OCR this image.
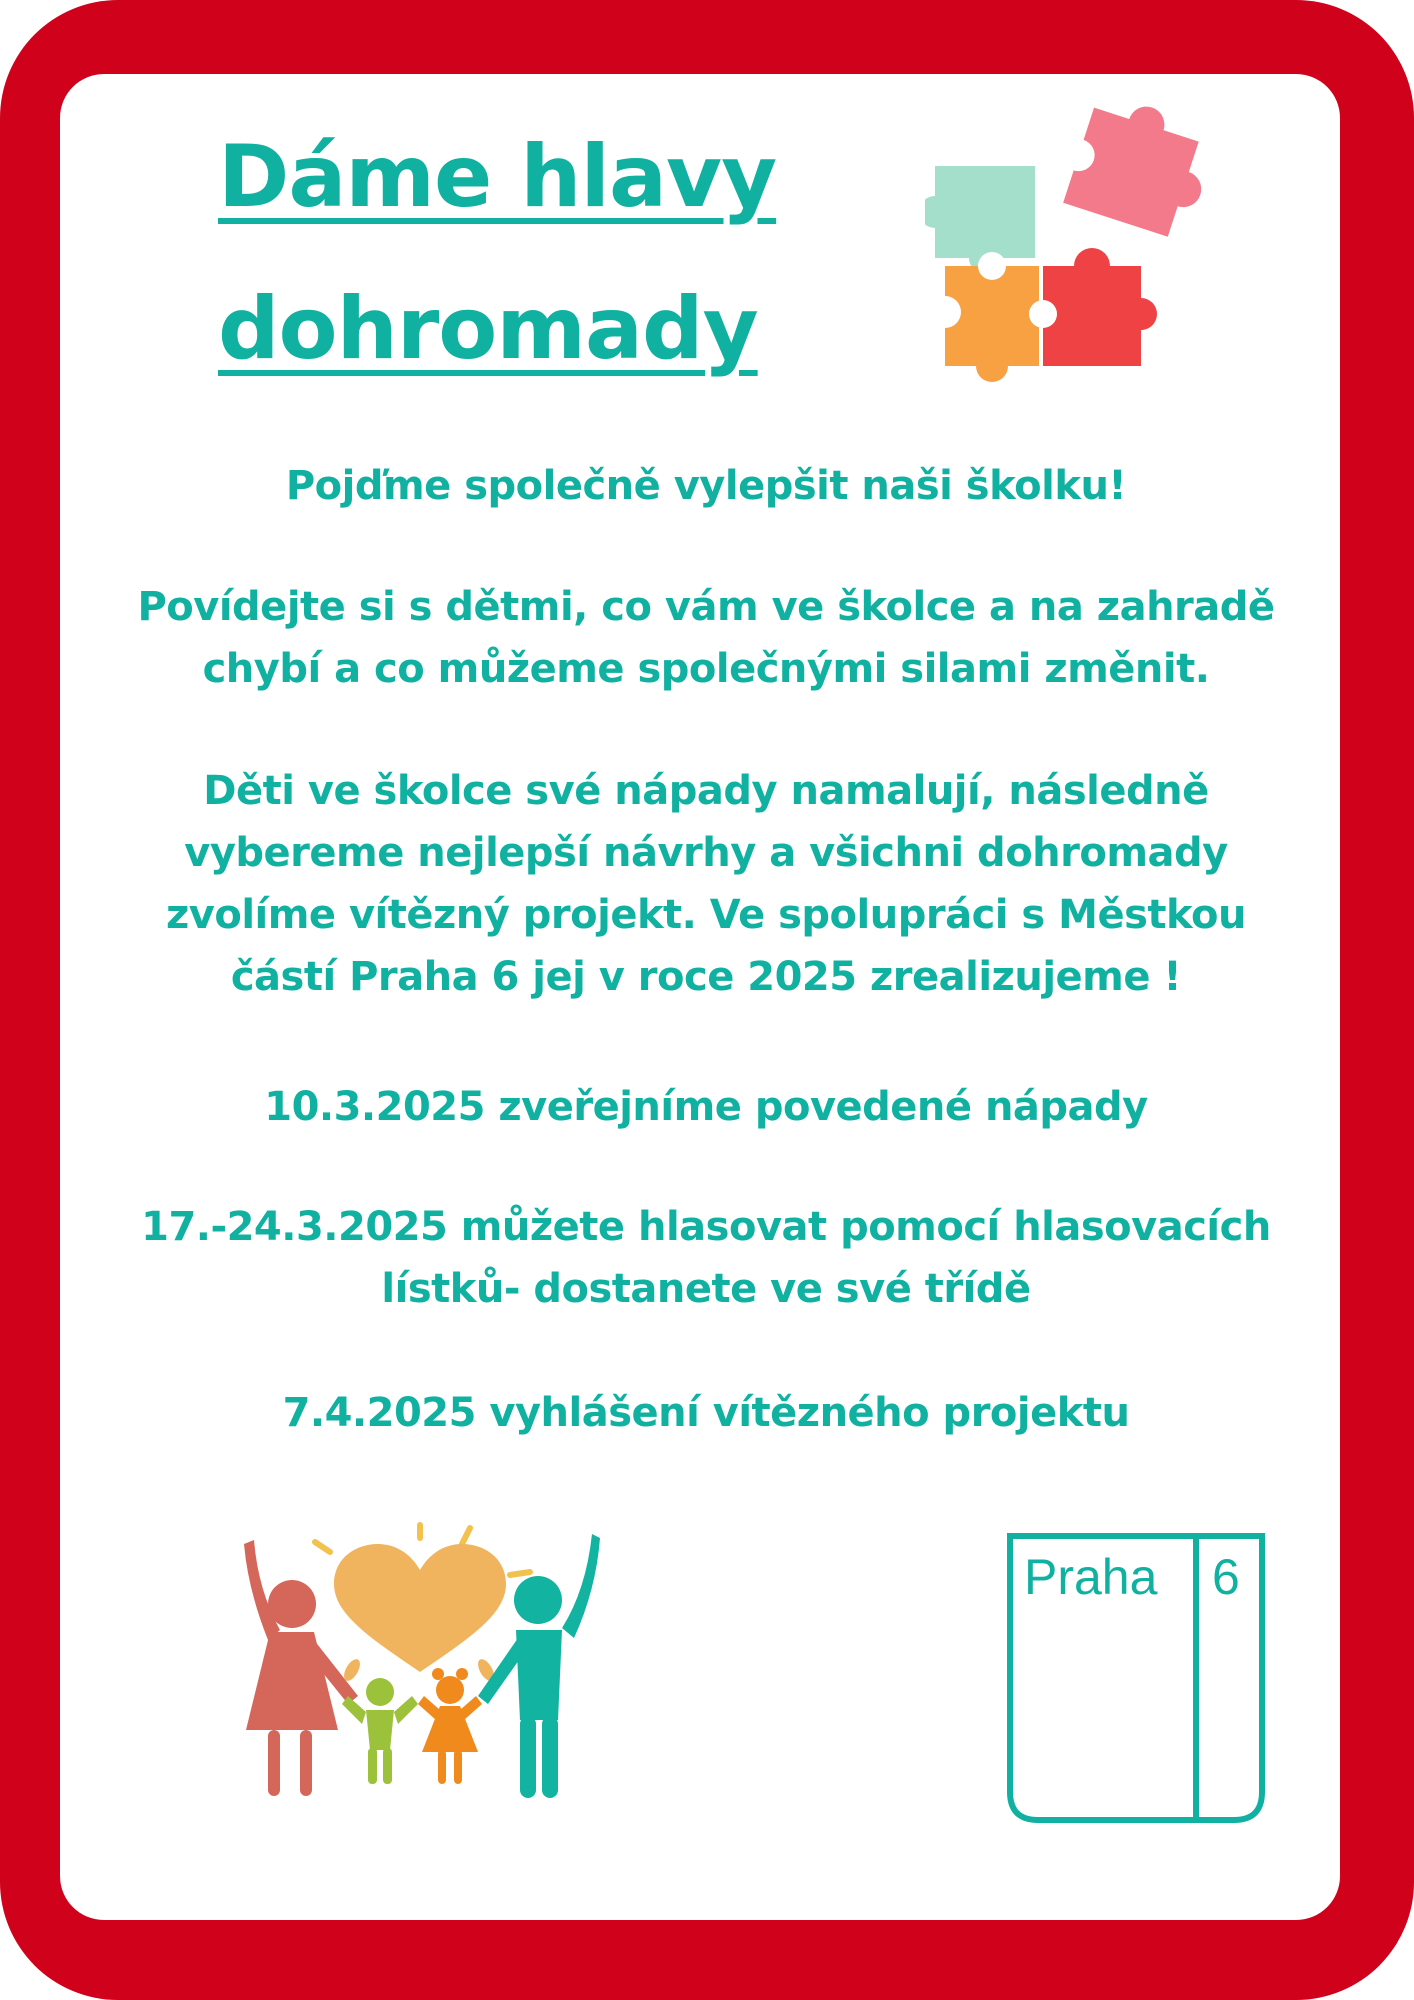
Dáme hlavy
dohromady
Pojďme společně vylepšit naši školku!
Povídejte si s dětmi, co vám ve školce a na zahradě
chybí a co můžeme společnými silami změnit.
Děti ve školce své nápady namalují, následně
vybereme nejlepší návrhy a všichni dohromady
zvolíme vítězný projekt. Ve spolupráci s Městkou
částí Praha 6 jej v roce 2025 zrealizujeme !
10.3.2025 zveřejníme povedené nápady
17.-24.3.2025 můžete hlasovat pomocí hlasovacích
lístků- dostanete ve své třídě
7.4.2025 vyhlášení vítězného projektu
Praha 6
